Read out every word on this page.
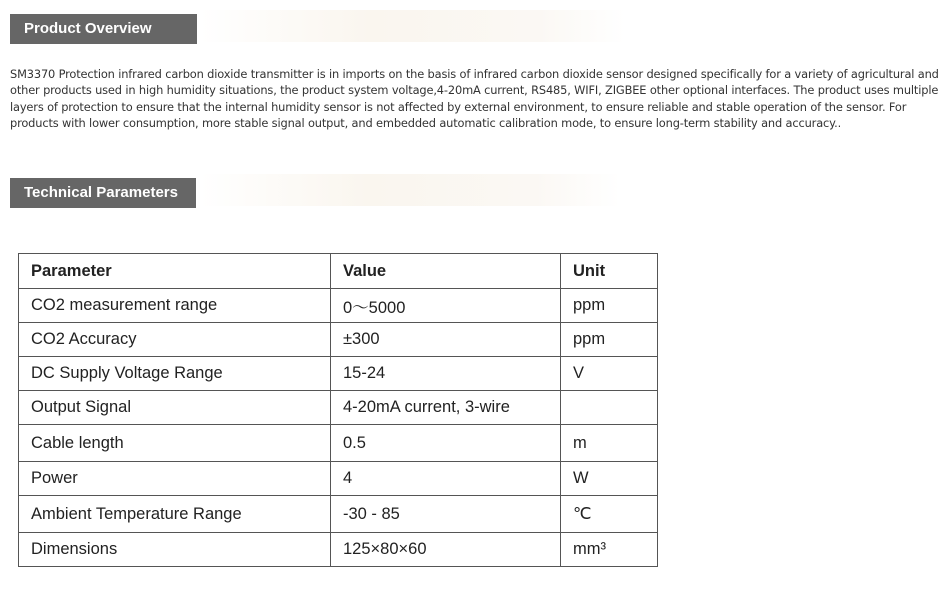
Product Overview

SM3370 Protection infrared carbon dioxide transmitter is in imports on the basis of infrared carbon dioxide sensor designed specifically for a variety of agricultural and other products used in high humidity situations, the product system voltage,4-20mA current, RS485, WIFI, ZIGBEE other optional interfaces. The product uses multiple layers of protection to ensure that the internal humidity sensor is not affected by external environment, to ensure reliable and stable operation of the sensor. For products with lower consumption, more stable signal output, and embedded automatic calibration mode, to ensure long-term stability and accuracy..

Technical Parameters
Parameter	Value	Unit
CO2 measurement range	0～5000	ppm
CO2 Accuracy	±300	ppm
DC Supply Voltage Range	15-24	V
Output Signal	4-20mA current, 3-wire	
Cable length	0.5	m
Power	4	W
Ambient Temperature Range	-30 - 85	℃
Dimensions	125×80×60	mm³
